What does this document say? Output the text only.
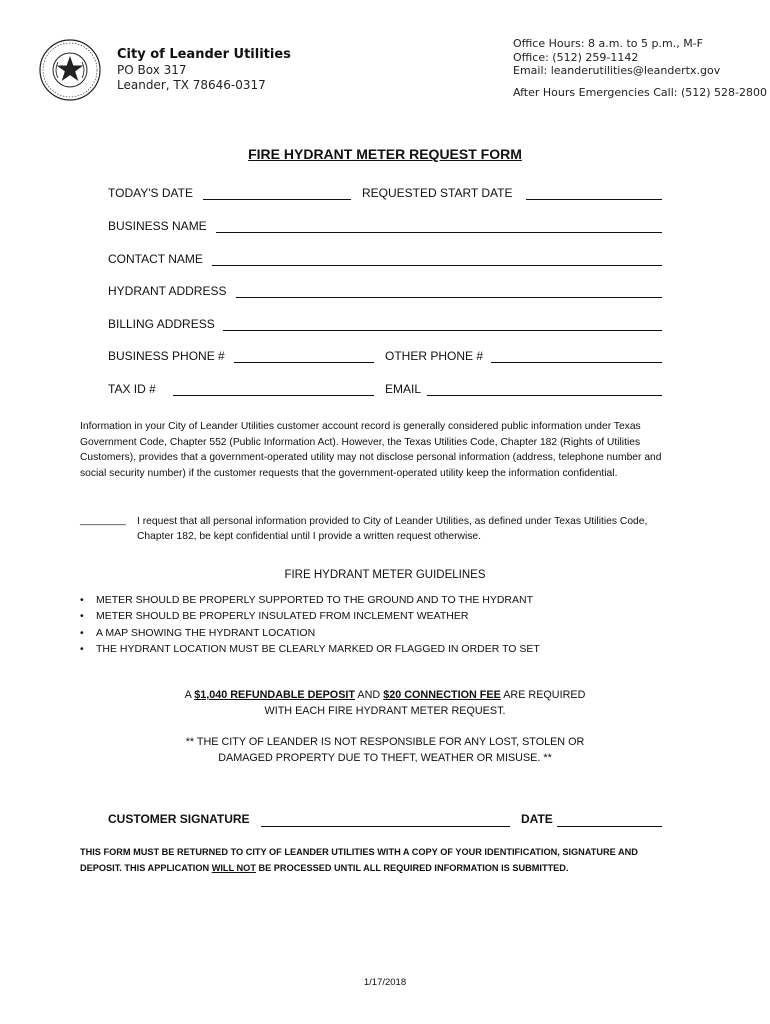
City of Leander Utilities
PO Box 317
Leander, TX 78646-0317
Office Hours: 8 a.m. to 5 p.m., M-F
Office: (512) 259-1142
Email: leanderutilities@leandertx.gov
After Hours Emergencies Call: (512) 528-2800
FIRE HYDRANT METER REQUEST FORM
TODAY'S DATE	REQUESTED START DATE
BUSINESS NAME
CONTACT NAME
HYDRANT ADDRESS
BILLING ADDRESS
BUSINESS PHONE #	OTHER PHONE #
TAX ID #	EMAIL
Information in your City of Leander Utilities customer account record is generally considered public information under Texas Government Code, Chapter 552 (Public Information Act). However, the Texas Utilities Code, Chapter 182 (Rights of Utilities Customers), provides that a government-operated utility may not disclose personal information (address, telephone number and social security number) if the customer requests that the government-operated utility keep the information confidential.
________ I request that all personal information provided to City of Leander Utilities, as defined under Texas Utilities Code, Chapter 182, be kept confidential until I provide a written request otherwise.
FIRE HYDRANT METER GUIDELINES
• METER SHOULD BE PROPERLY SUPPORTED TO THE GROUND AND TO THE HYDRANT
• METER SHOULD BE PROPERLY INSULATED FROM INCLEMENT WEATHER
• A MAP SHOWING THE HYDRANT LOCATION
• THE HYDRANT LOCATION MUST BE CLEARLY MARKED OR FLAGGED IN ORDER TO SET
A $1,040 REFUNDABLE DEPOSIT AND $20 CONNECTION FEE ARE REQUIRED
WITH EACH FIRE HYDRANT METER REQUEST.
** THE CITY OF LEANDER IS NOT RESPONSIBLE FOR ANY LOST, STOLEN OR
DAMAGED PROPERTY DUE TO THEFT, WEATHER OR MISUSE. **
CUSTOMER SIGNATURE	DATE
THIS FORM MUST BE RETURNED TO CITY OF LEANDER UTILITIES WITH A COPY OF YOUR IDENTIFICATION, SIGNATURE AND DEPOSIT. THIS APPLICATION WILL NOT BE PROCESSED UNTIL ALL REQUIRED INFORMATION IS SUBMITTED.
1/17/2018
